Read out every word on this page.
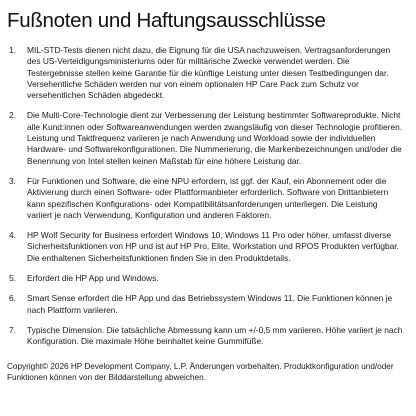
Fußnoten und Haftungsausschlüsse
1.	MIL-STD-Tests dienen nicht dazu, die Eignung für die USA nachzuweisen. Vertragsanforderungen des US-Verteidigungsministeriums oder für militärische Zwecke verwendet werden. Die Testergebnisse stellen keine Garantie für die künftige Leistung unter diesen Testbedingungen dar. Versehentliche Schäden werden nur von einem optionalen HP Care Pack zum Schutz vor versehentlichen Schäden abgedeckt.
2.	Die Multi-Core-Technologie dient zur Verbesserung der Leistung bestimmter Softwareprodukte. Nicht alle Kund:innen oder Softwareanwendungen werden zwangsläufig von dieser Technologie profitieren. Leistung und Taktfrequenz variieren je nach Anwendung und Workload sowie der individuellen Hardware- und Softwarekonfigurationen. Die Nummerierung, die Markenbezeichnungen und/oder die Benennung von Intel stellen keinen Maßstab für eine höhere Leistung dar.
3.	Für Funktionen und Software, die eine NPU erfordern, ist ggf. der Kauf, ein Abonnement oder die Aktivierung durch einen Software- oder Plattformanbieter erforderlich. Software von Drittanbietern kann spezifischen Konfigurations- oder Kompatibilitätsanforderungen unterliegen. Die Leistung variiert je nach Verwendung, Konfiguration und anderen Faktoren.
4.	HP Wolf Security for Business erfordert Windows 10, Windows 11 Pro oder höher, umfasst diverse Sicherheitsfunktionen von HP und ist auf HP Pro, Elite, Workstation und RPOS Produkten verfügbar. Die enthaltenen Sicherheitsfunktionen finden Sie in den Produktdetails.
5.	Erfordert die HP App und Windows.
6.	Smart Sense erfordert die HP App und das Betriebssystem Windows 11. Die Funktionen können je nach Plattform variieren.
7.	Typische Dimension. Die tatsächliche Abmessung kann um +/-0,5 mm variieren. Höhe variiert je nach Konfiguration. Die maximale Höhe beinhaltet keine Gummifüße.

Copyright© 2026 HP Development Company, L.P. Änderungen vorbehalten. Produktkonfiguration und/oder Funktionen können von der Bilddarstellung abweichen.
